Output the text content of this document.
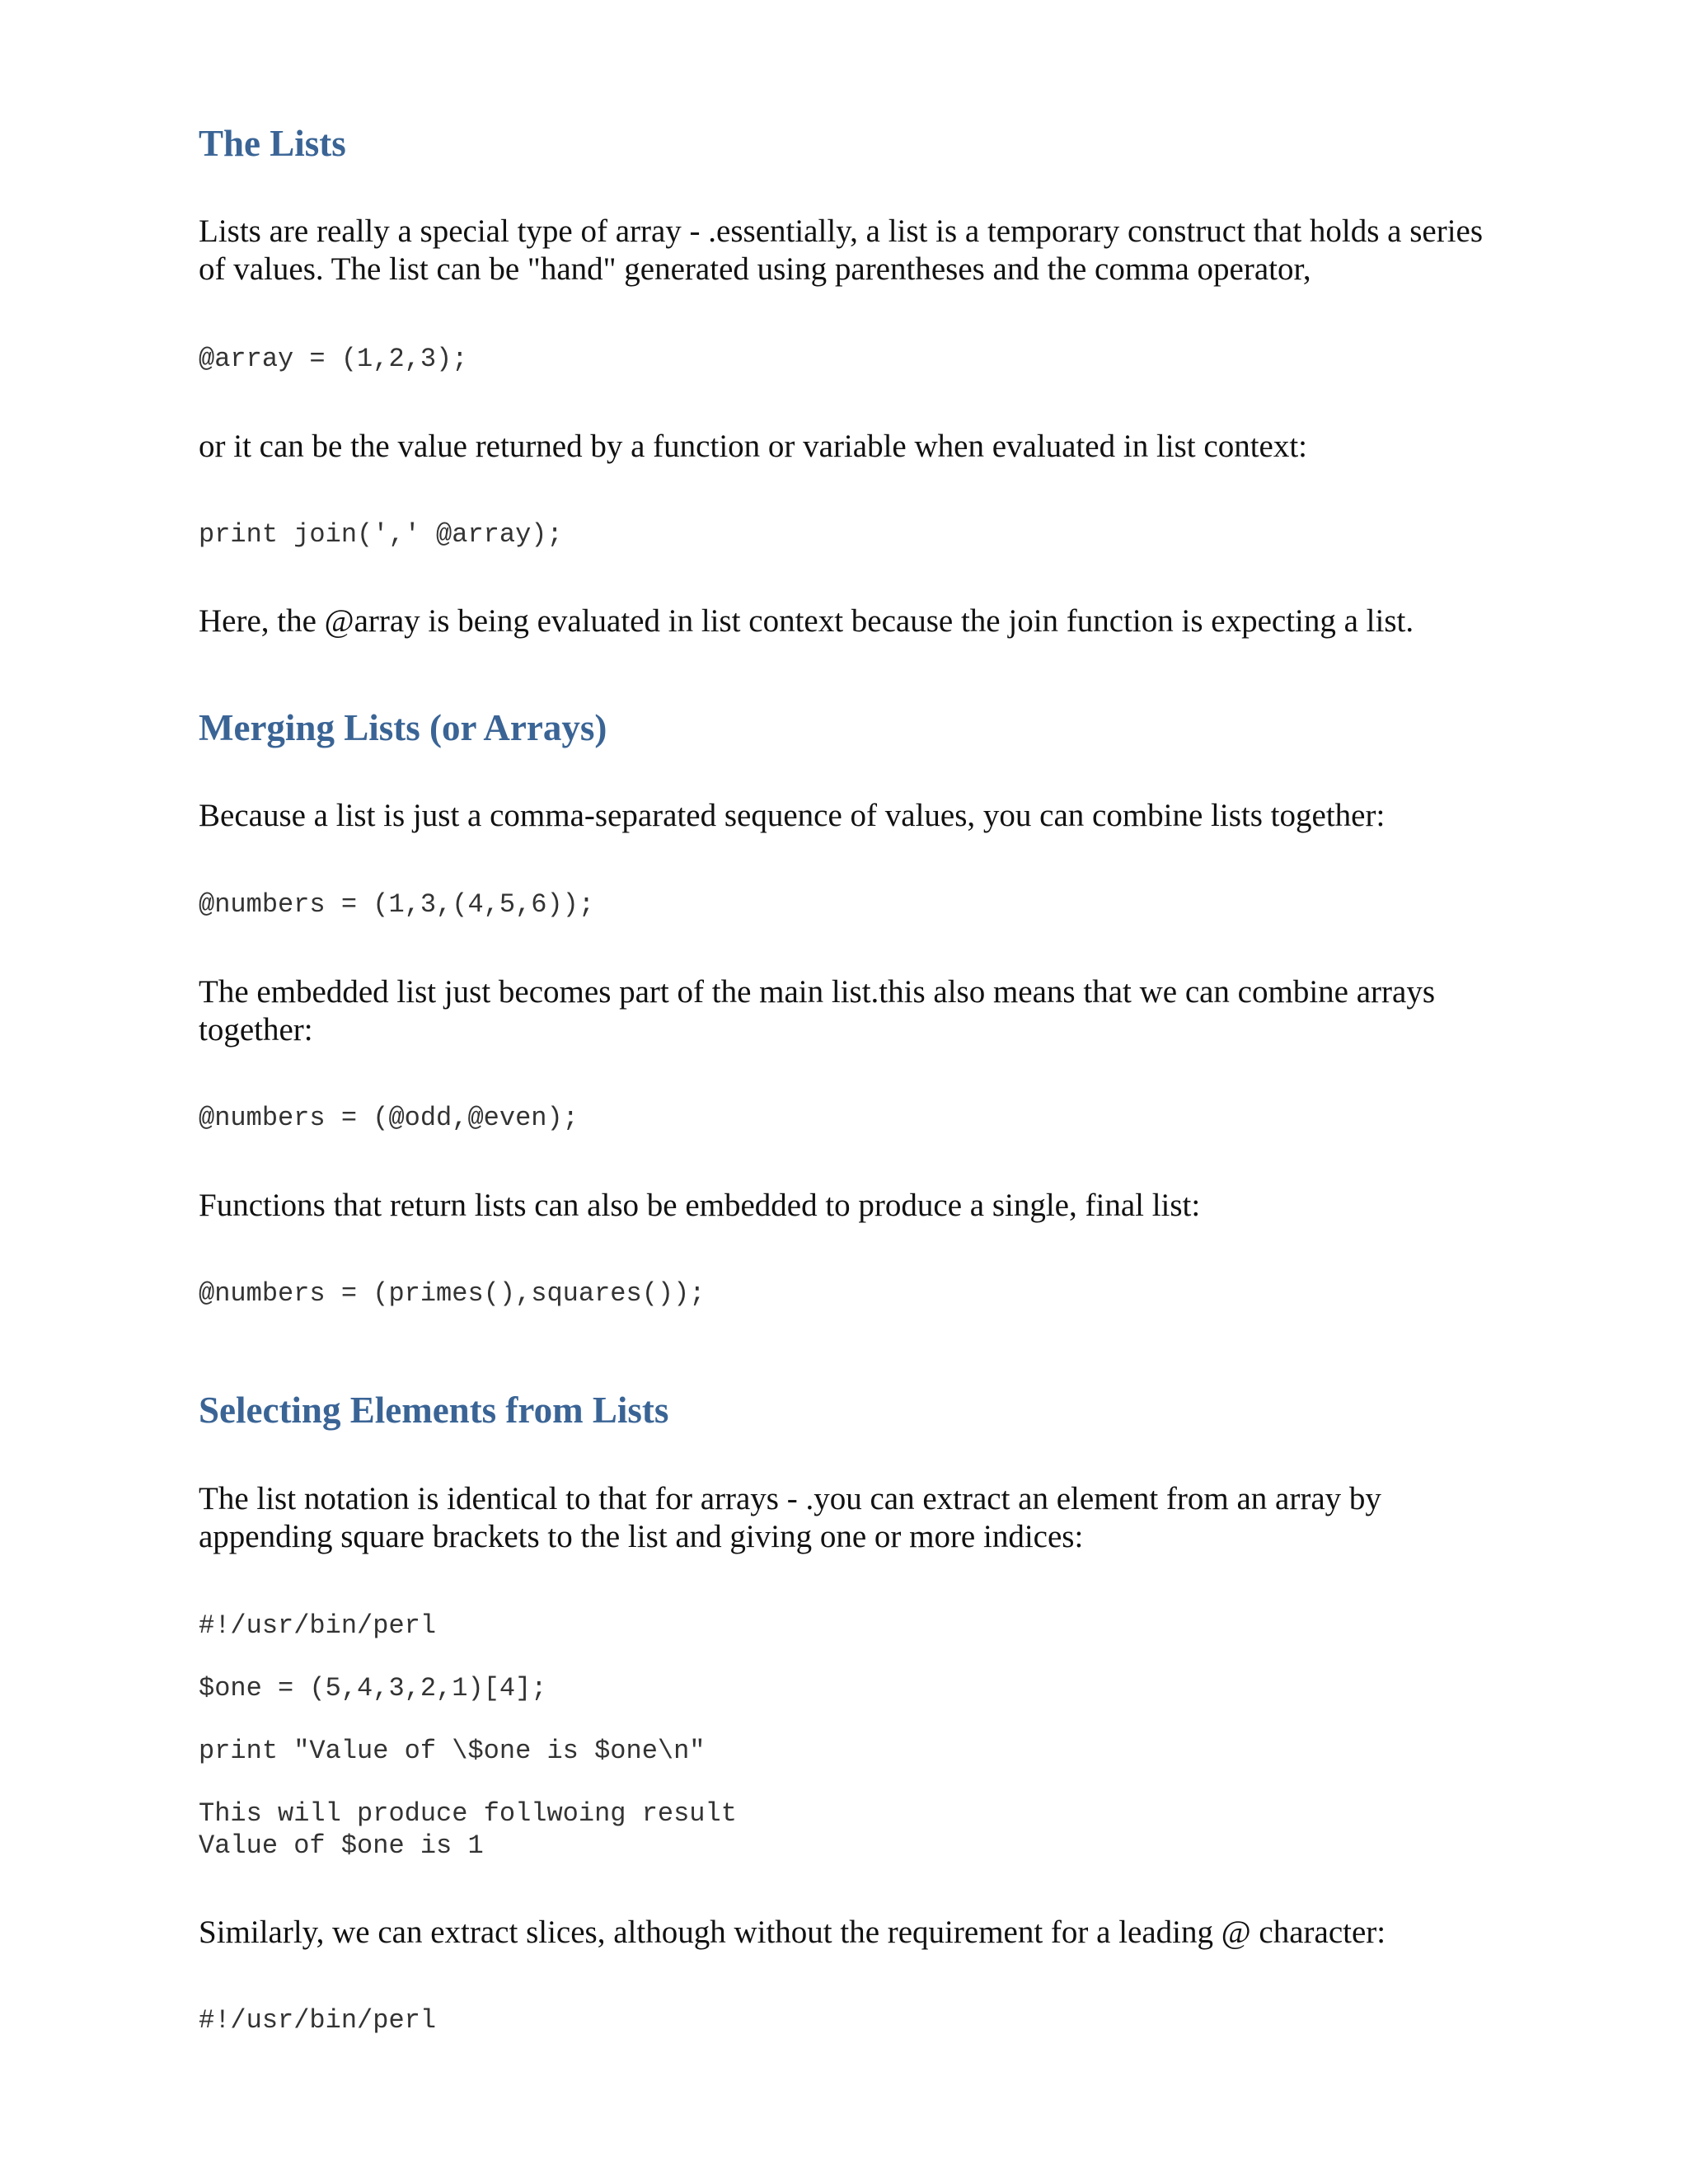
The Lists

Lists are really a special type of array - .essentially, a list is a temporary construct that holds a series of values. The list can be "hand" generated using parentheses and the comma operator,

@array = (1,2,3);

or it can be the value returned by a function or variable when evaluated in list context:

print join(',' @array);

Here, the @array is being evaluated in list context because the join function is expecting a list.

Merging Lists (or Arrays)

Because a list is just a comma-separated sequence of values, you can combine lists together:

@numbers = (1,3,(4,5,6));

The embedded list just becomes part of the main list.this also means that we can combine arrays together:

@numbers = (@odd,@even);

Functions that return lists can also be embedded to produce a single, final list:

@numbers = (primes(),squares());
Selecting Elements from Lists

The list notation is identical to that for arrays - .you can extract an element from an array by appending square brackets to the list and giving one or more indices:

#!/usr/bin/perl
$one = (5,4,3,2,1)[4];
print "Value of \$one is $one\n"
This will produce follwoing result
Value of $one is 1

Similarly, we can extract slices, although without the requirement for a leading @ character:

#!/usr/bin/perl
